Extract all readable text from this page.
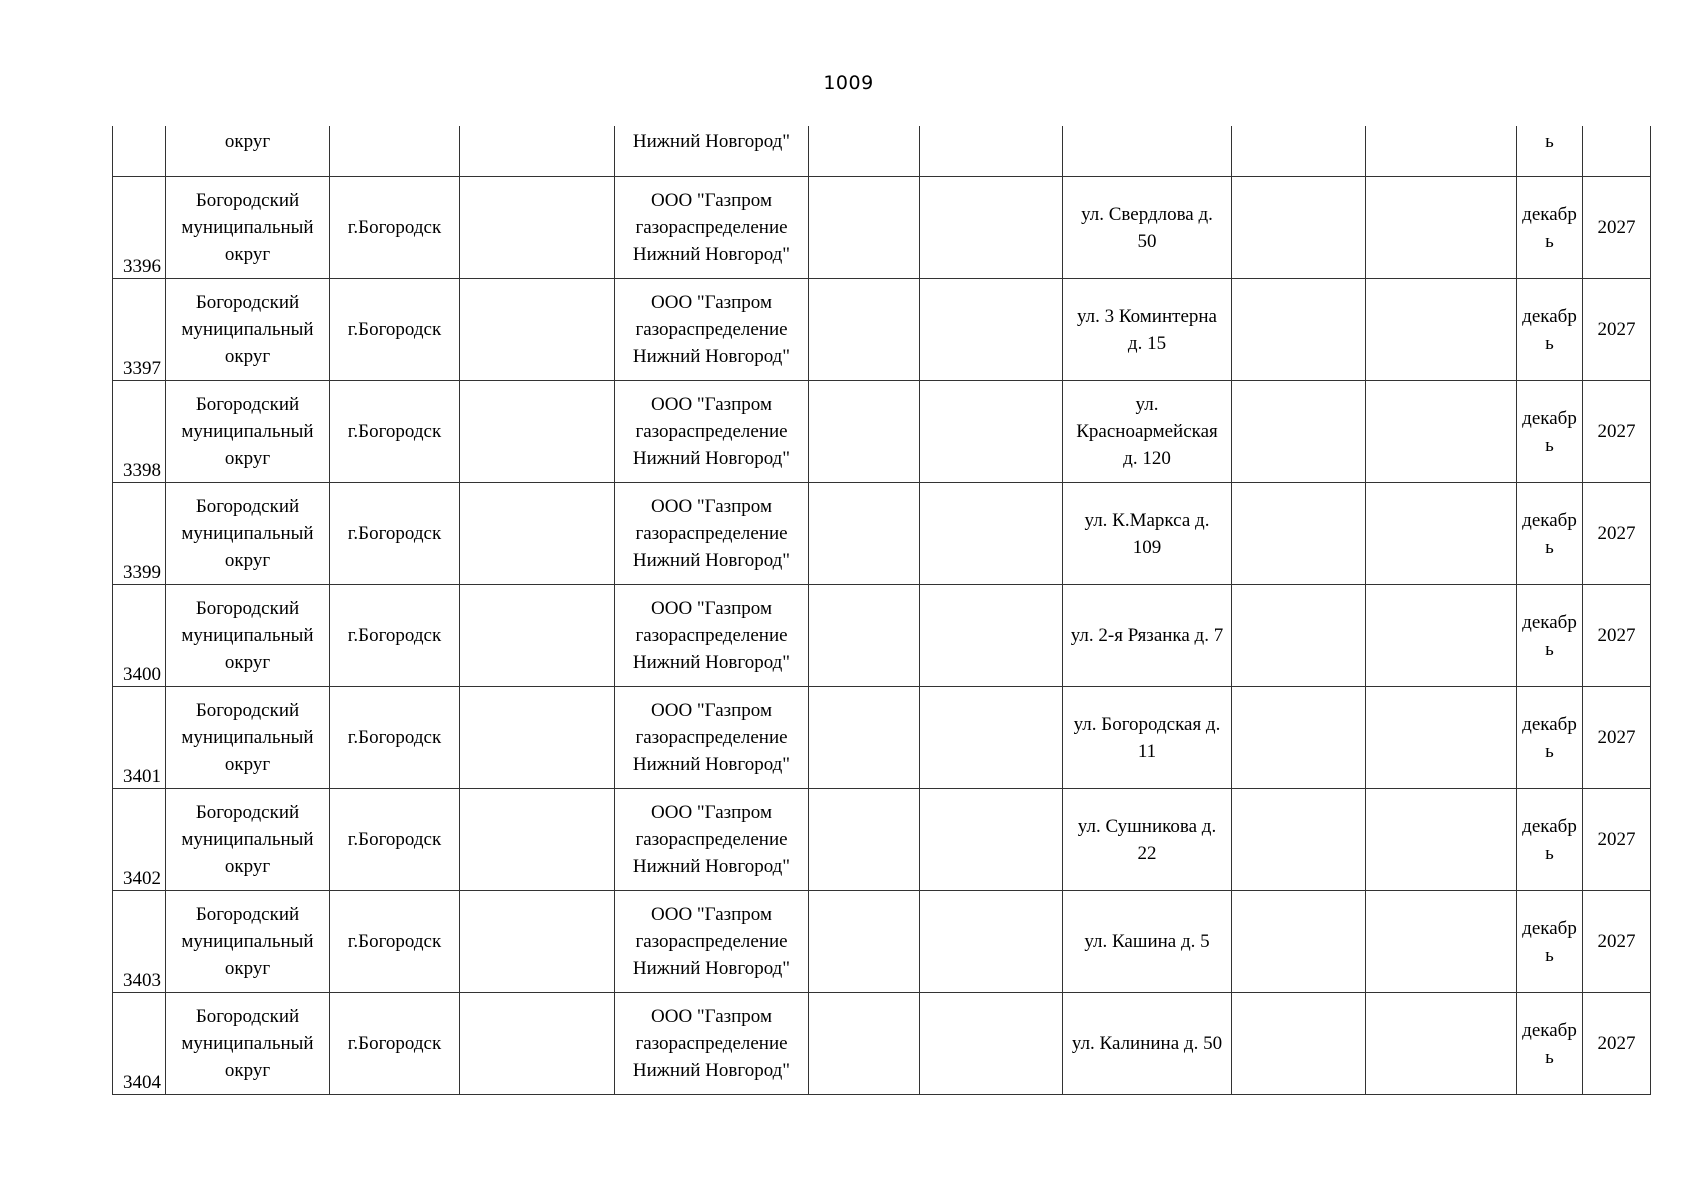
1009

	округ			Нижний Новгород"						ь	

3396	Богородский
муниципальный
округ	г.Богородск		ООО "Газпром
газораспределение
Нижний Новгород"			ул. Свердлова д.
50			декабр
ь	2027

3397	Богородский
муниципальный
округ	г.Богородск		ООО "Газпром
газораспределение
Нижний Новгород"			ул. 3 Коминтерна
д. 15			декабр
ь	2027

3398	Богородский
муниципальный
округ	г.Богородск		ООО "Газпром
газораспределение
Нижний Новгород"			ул.
Красноармейская
д. 120			декабр
ь	2027

3399	Богородский
муниципальный
округ	г.Богородск		ООО "Газпром
газораспределение
Нижний Новгород"			ул. К.Маркса д.
109			декабр
ь	2027

3400	Богородский
муниципальный
округ	г.Богородск		ООО "Газпром
газораспределение
Нижний Новгород"			ул. 2-я Рязанка д. 7			декабр
ь	2027

3401	Богородский
муниципальный
округ	г.Богородск		ООО "Газпром
газораспределение
Нижний Новгород"			ул. Богородская д.
11			декабр
ь	2027

3402	Богородский
муниципальный
округ	г.Богородск		ООО "Газпром
газораспределение
Нижний Новгород"			ул. Сушникова д.
22			декабр
ь	2027

3403	Богородский
муниципальный
округ	г.Богородск		ООО "Газпром
газораспределение
Нижний Новгород"			ул. Кашина д. 5			декабр
ь	2027

3404	Богородский
муниципальный
округ	г.Богородск		ООО "Газпром
газораспределение
Нижний Новгород"			ул. Калинина д. 50			декабр
ь	2027
